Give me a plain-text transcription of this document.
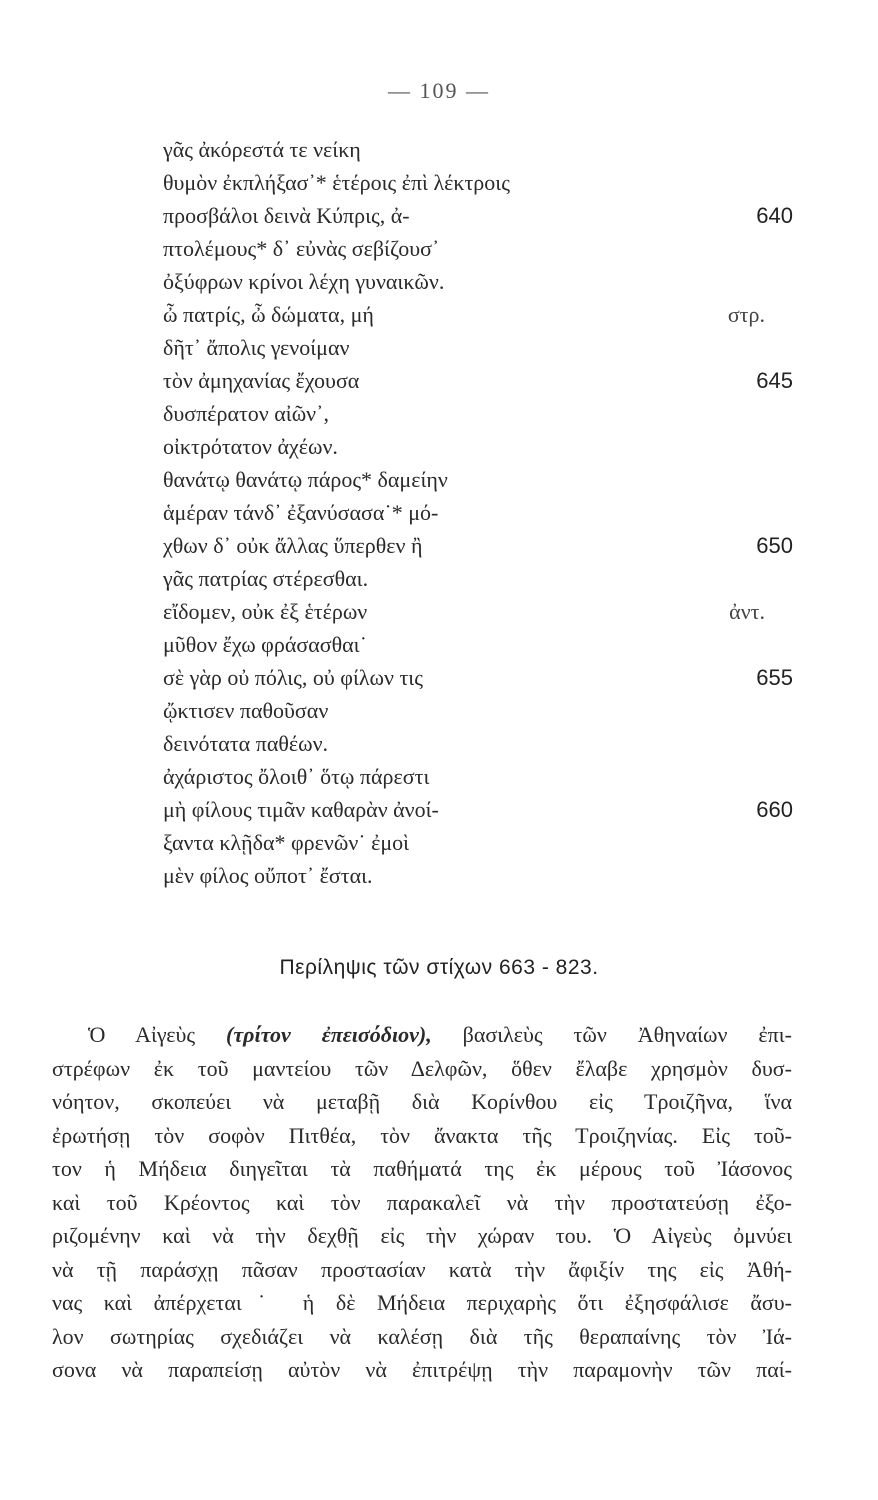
— 109 —
γᾶς ἀκόρεστά τε νείκη
θυμὸν ἐκπλήξασ᾽* ἑτέροις ἐπὶ λέκτροις
προσβάλοι δεινὰ Κύπρις, ἀ-	640
πτολέμους* δ᾽ εὐνὰς σεβίζουσ᾽
ὀξύφρων κρίνοι λέχη γυναικῶν.
ὦ πατρίς, ὦ δώματα, μή	στρ.
δῆτ᾽ ἄπολις γενοίμαν
τὸν ἀμηχανίας ἔχουσα	645
δυσπέρατον αἰῶν᾽,
οἰκτρότατον ἀχέων.
θανάτῳ θανάτῳ πάρος* δαμείην
ἁμέραν τάνδ᾽ ἐξανύσασα˙* μό-
χθων δ᾽ οὐκ ἄλλας ὕπερθεν ἢ	650
γᾶς πατρίας στέρεσθαι.
εἴδομεν, οὐκ ἐξ ἑτέρων	ἀντ.
μῦθον ἔχω φράσασθαι˙
σὲ γὰρ οὐ πόλις, οὐ φίλων τις	655
ᾤκτισεν παθοῦσαν
δεινότατα παθέων.
ἀχάριστος ὄλοιθ᾽ ὅτῳ πάρεστι
μὴ φίλους τιμᾶν καθαρὰν ἀνοί-	660
ξαντα κλῇδα* φρενῶν˙ ἐμοὶ
μὲν φίλος οὔποτ᾽ ἔσται.
Περίληψις τῶν στίχων 663 - 823.
Ὁ Αἰγεὺς (τρίτον ἐπεισόδιον), βασιλεὺς τῶν Ἀθηναίων ἐπι-
στρέφων ἐκ τοῦ μαντείου τῶν Δελφῶν, ὅθεν ἔλαβε χρησμὸν δυσ-
νόητον, σκοπεύει νὰ μεταβῇ διὰ Κορίνθου εἰς Τροιζῆνα, ἵνα
ἐρωτήσῃ τὸν σοφὸν Πιτθέα, τὸν ἄνακτα τῆς Τροιζηνίας. Εἰς τοῦ-
τον ἡ Μήδεια διηγεῖται τὰ παθήματά της ἐκ μέρους τοῦ Ἰάσονος
καὶ τοῦ Κρέοντος καὶ τὸν παρακαλεῖ νὰ τὴν προστατεύσῃ ἐξο-
ριζομένην καὶ νὰ τὴν δεχθῇ εἰς τὴν χώραν του. Ὁ Αἰγεὺς ὀμνύει
νὰ τῇ παράσχῃ πᾶσαν προστασίαν κατὰ τὴν ἄφιξίν της εἰς Ἀθή-
νας καὶ ἀπέρχεται˙ ἡ δὲ Μήδεια περιχαρὴς ὅτι ἐξησφάλισε ἄσυ-
λον σωτηρίας σχεδιάζει νὰ καλέσῃ διὰ τῆς θεραπαίνης τὸν Ἰά-
σονα νὰ παραπείσῃ αὐτὸν νὰ ἐπιτρέψῃ τὴν παραμονὴν τῶν παί-
